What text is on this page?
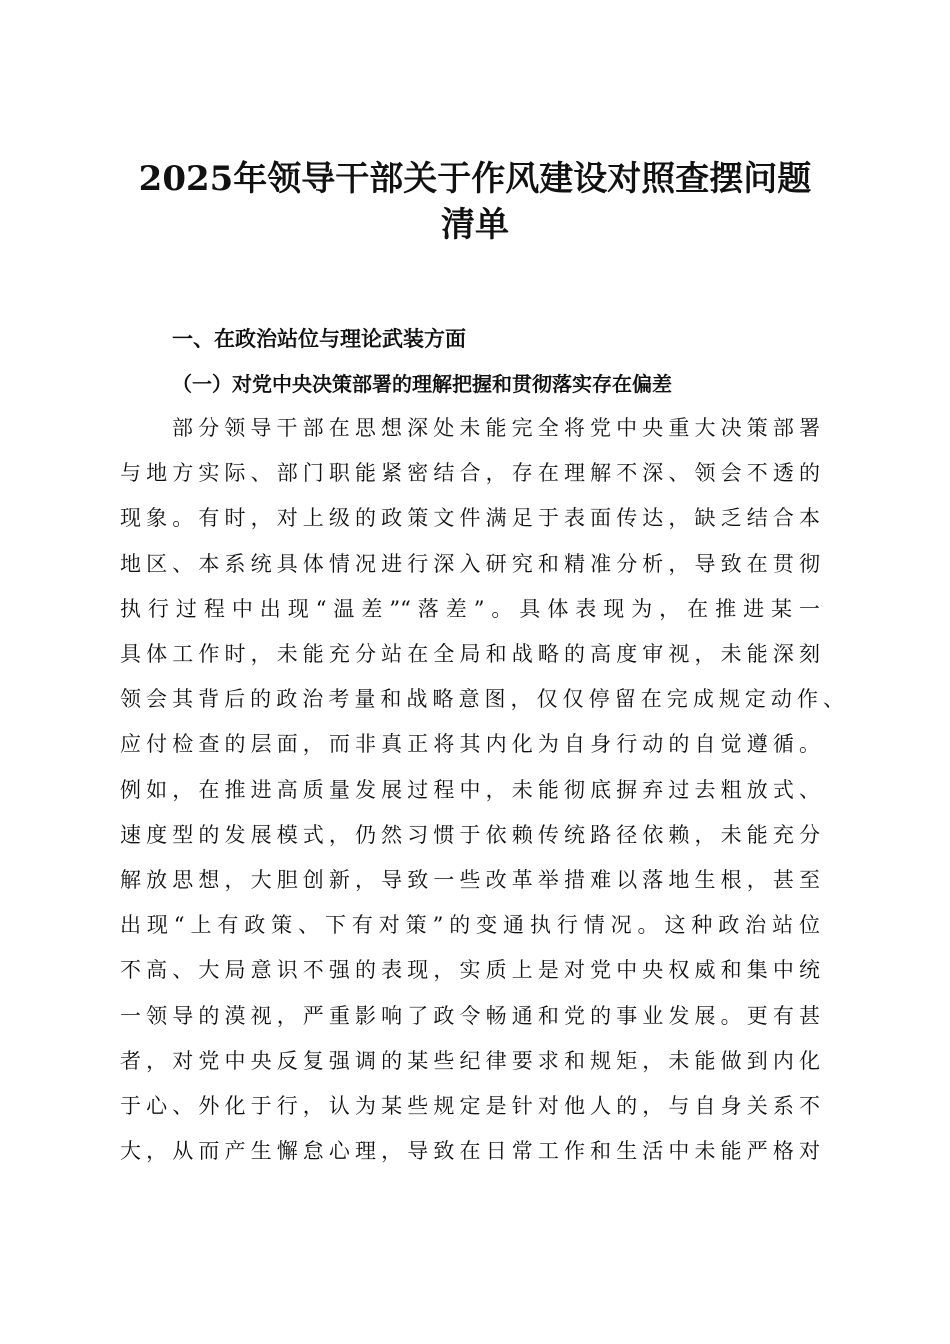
2025年领导干部关于作风建设对照查摆问题
清单
一、在政治站位与理论武装方面
（一）对党中央决策部署的理解把握和贯彻落实存在偏差
部分领导干部在思想深处未能完全将党中央重大决策部署
与地方实际、部门职能紧密结合，存在理解不深、领会不透的
现象。有时，对上级的政策文件满足于表面传达，缺乏结合本
地区、本系统具体情况进行深入研究和精准分析，导致在贯彻
执行过程中出现“温差”“落差”。具体表现为，在推进某一
具体工作时，未能充分站在全局和战略的高度审视，未能深刻
领会其背后的政治考量和战略意图，仅仅停留在完成规定动作、
应付检查的层面，而非真正将其内化为自身行动的自觉遵循。
例如，在推进高质量发展过程中，未能彻底摒弃过去粗放式、
速度型的发展模式，仍然习惯于依赖传统路径依赖，未能充分
解放思想，大胆创新，导致一些改革举措难以落地生根，甚至
出现“上有政策、下有对策”的变通执行情况。这种政治站位
不高、大局意识不强的表现，实质上是对党中央权威和集中统
一领导的漠视，严重影响了政令畅通和党的事业发展。更有甚
者，对党中央反复强调的某些纪律要求和规矩，未能做到内化
于心、外化于行，认为某些规定是针对他人的，与自身关系不
大，从而产生懈怠心理，导致在日常工作和生活中未能严格对
